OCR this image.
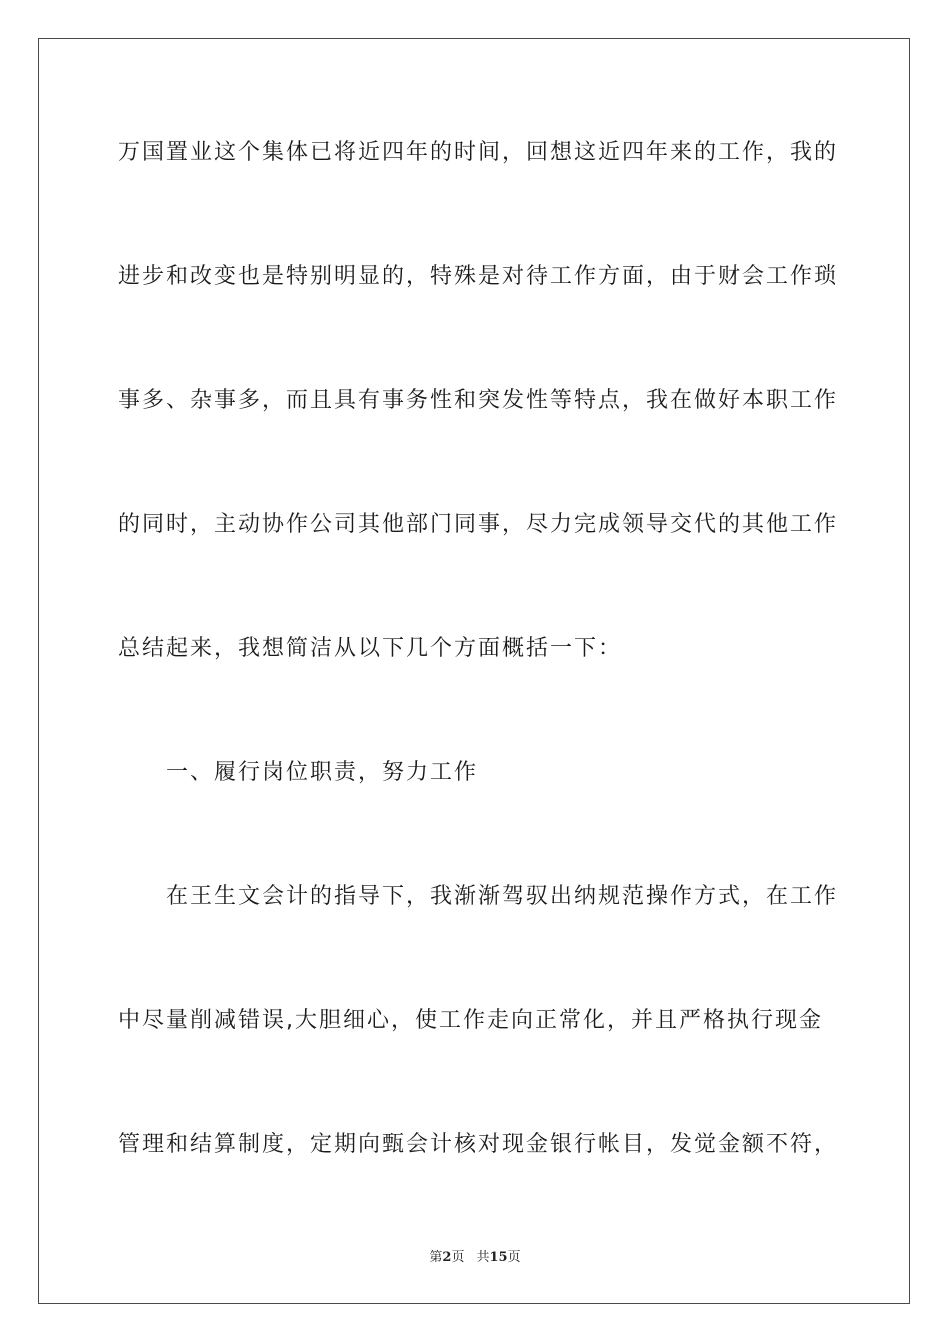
万国置业这个集体已将近四年的时间，回想这近四年来的工作，我的
进步和改变也是特别明显的，特殊是对待工作方面，由于财会工作琐
事多、杂事多，而且具有事务性和突发性等特点，我在做好本职工作
的同时，主动协作公司其他部门同事，尽力完成领导交代的其他工作
总结起来，我想简洁从以下几个方面概括一下：
一、履行岗位职责，努力工作
在王生文会计的指导下，我渐渐驾驭出纳规范操作方式，在工作
中尽量削减错误,大胆细心，使工作走向正常化，并且严格执行现金
管理和结算制度，定期向甄会计核对现金银行帐目，发觉金额不符，
第2页 共15页
